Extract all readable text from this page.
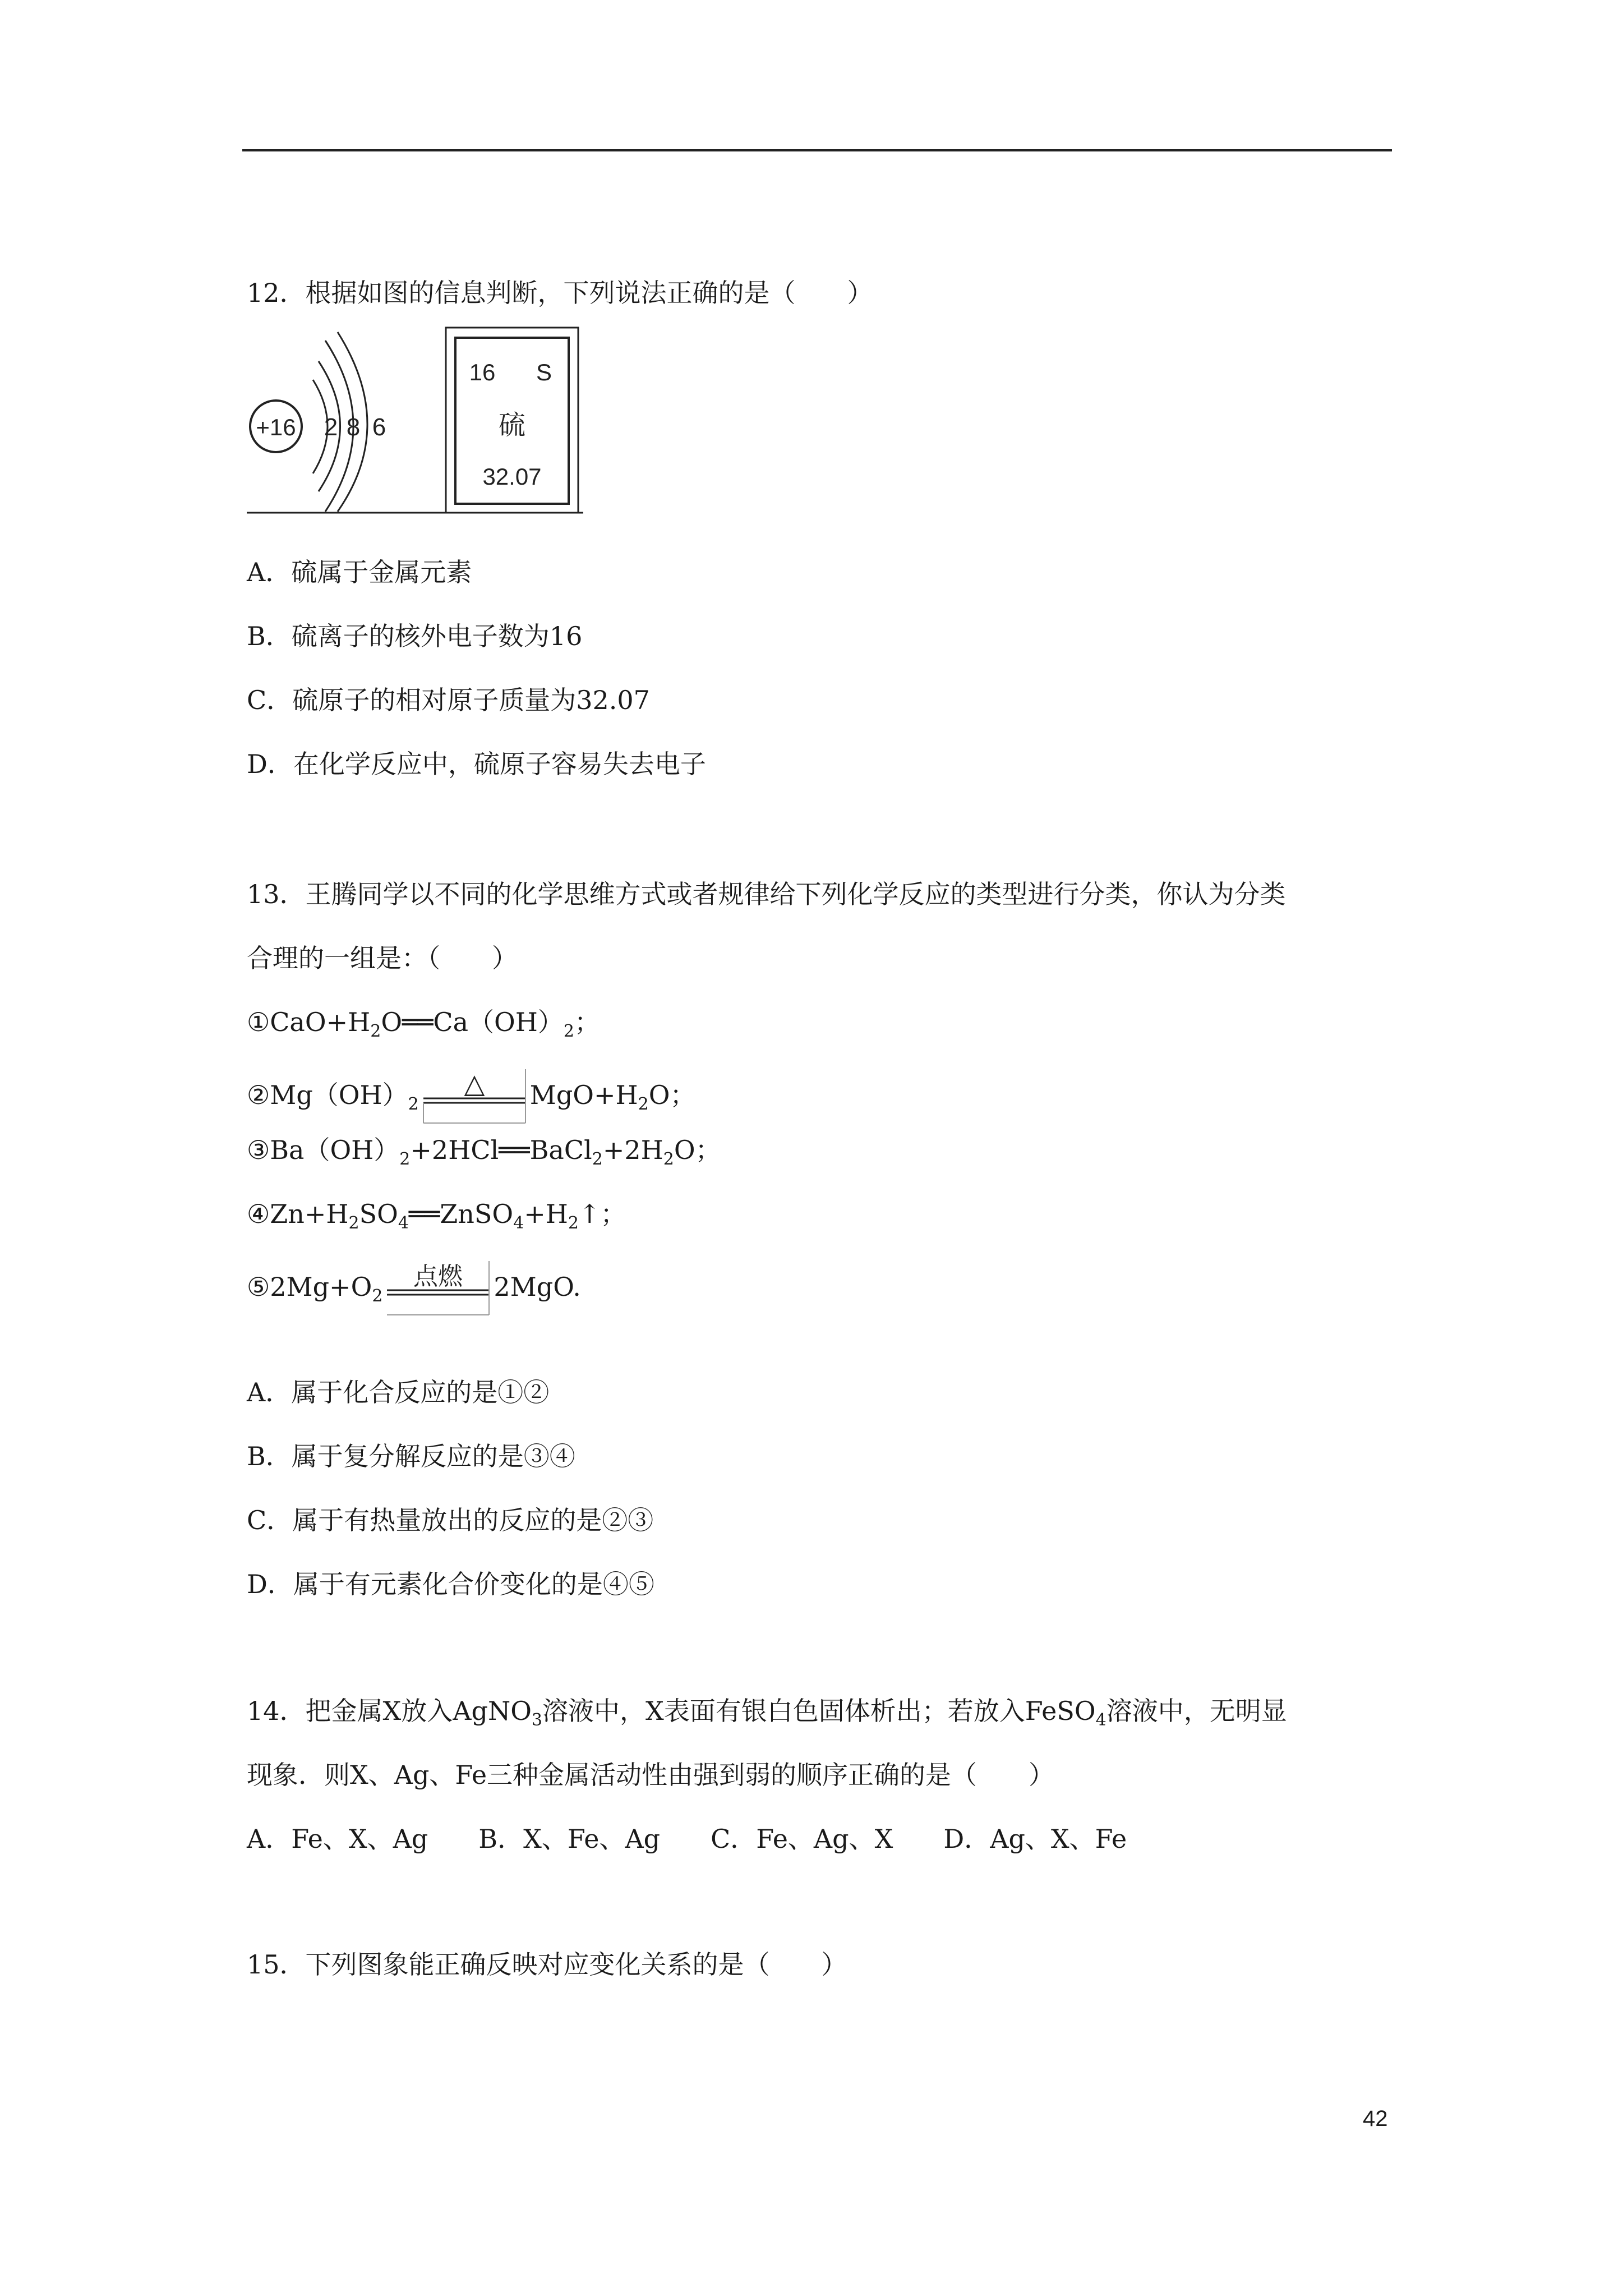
12．根据如图的信息判断，下列说法正确的是（　　）
+16 2 8 6
16 S
硫
32.07
A．硫属于金属元素
B．硫离子的核外电子数为16
C．硫原子的相对原子质量为32.07
D．在化学反应中，硫原子容易失去电子
13．王腾同学以不同的化学思维方式或者规律给下列化学反应的类型进行分类，你认为分类
合理的一组是：（　　）
$①CaO+H_2O══Ca(OH)_2$；
$②Mg(OH)_2$
△ $MgO+H_2O$；
$③Ba(OH)_2+2HCl══BaCl_2+2H_2O$；
$④Zn+H_2SO_4══ZnSO_4+H_2↑$；
$⑤2Mg+O_2$
点燃 2MgO.
A．属于化合反应的是①②
B．属于复分解反应的是③④
C．属于有热量放出的反应的是②③
D．属于有元素化合价变化的是④⑤
14．把金属X放入AgNO$_3$溶液中，X表面有银白色固体析出；若放入FeSO$_4$溶液中，无明显
现象．则X、Ag、Fe三种金属活动性由强到弱的顺序正确的是（　　）
A．Fe、X、Ag B．X、Fe、Ag C．Fe、Ag、X D．Ag、X、Fe
15．下列图象能正确反映对应变化关系的是（　　）
42
